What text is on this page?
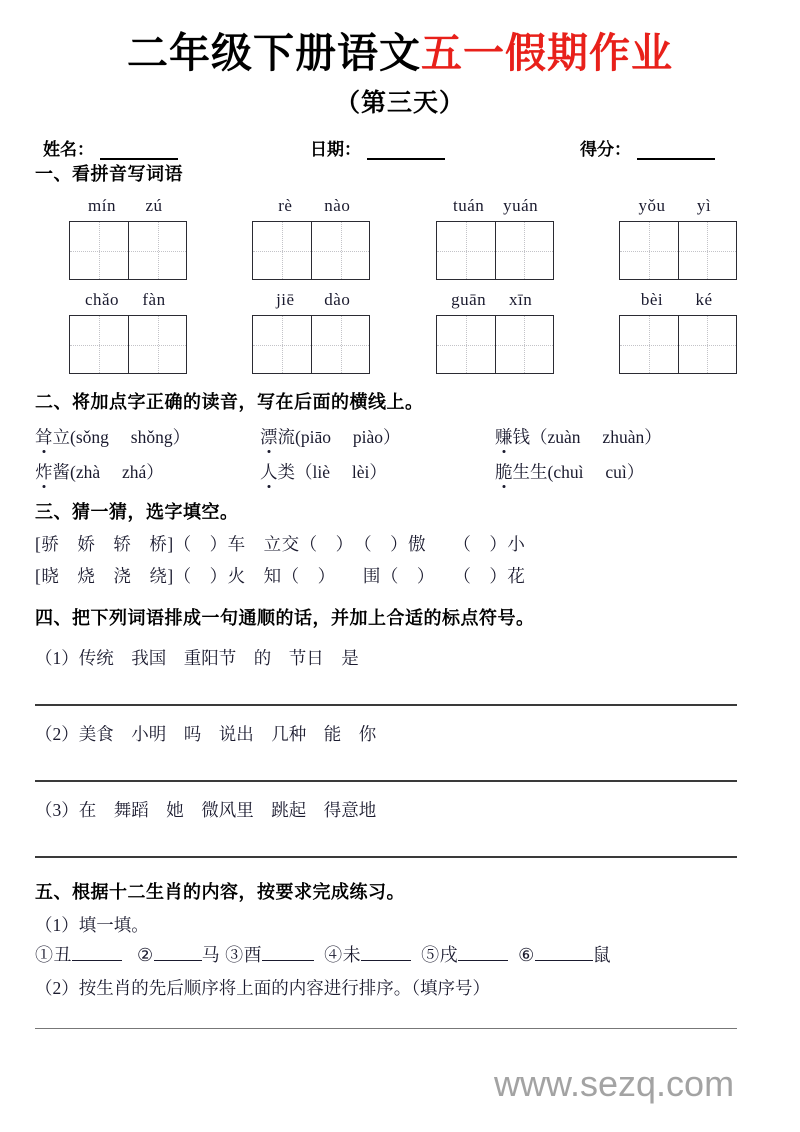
二年级下册语文五一假期作业
（第三天）
姓名：	日期：	得分：
一、看拼音写词语
mín zú	rè nào	tuán yuán	yǒu yì
chǎo fàn	jiē dào	guān xīn	bèi ké
二、将加点字正确的读音，写在后面的横线上。
耸立(sǒng shǒng）	漂流(piāo piào）	赚钱（zuàn zhuàn）
炸酱(zhà zhá）	人类（liè lèi）	脆生生(chuì cuì）
三、猜一猜，选字填空。
[骄　娇　轿　桥]（　）车　立交（　）　（　）傲　　（　）小
[晓　烧　浇　绕]（　）火　知（　）　　围（　）　　（　）花
四、把下列词语排成一句通顺的话，并加上合适的标点符号。
（1）传统　我国　重阳节　的　节日　是
（2）美食　小明　吗　说出　几种　能　你
（3）在　舞蹈　她　微风里　跳起　得意地
五、根据十二生肖的内容，按要求完成练习。
（1）填一填。
①丑	②	马 ③酉	④未	⑤戌	⑥	鼠
（2）按生肖的先后顺序将上面的内容进行排序。（填序号）
www.sezq.com
